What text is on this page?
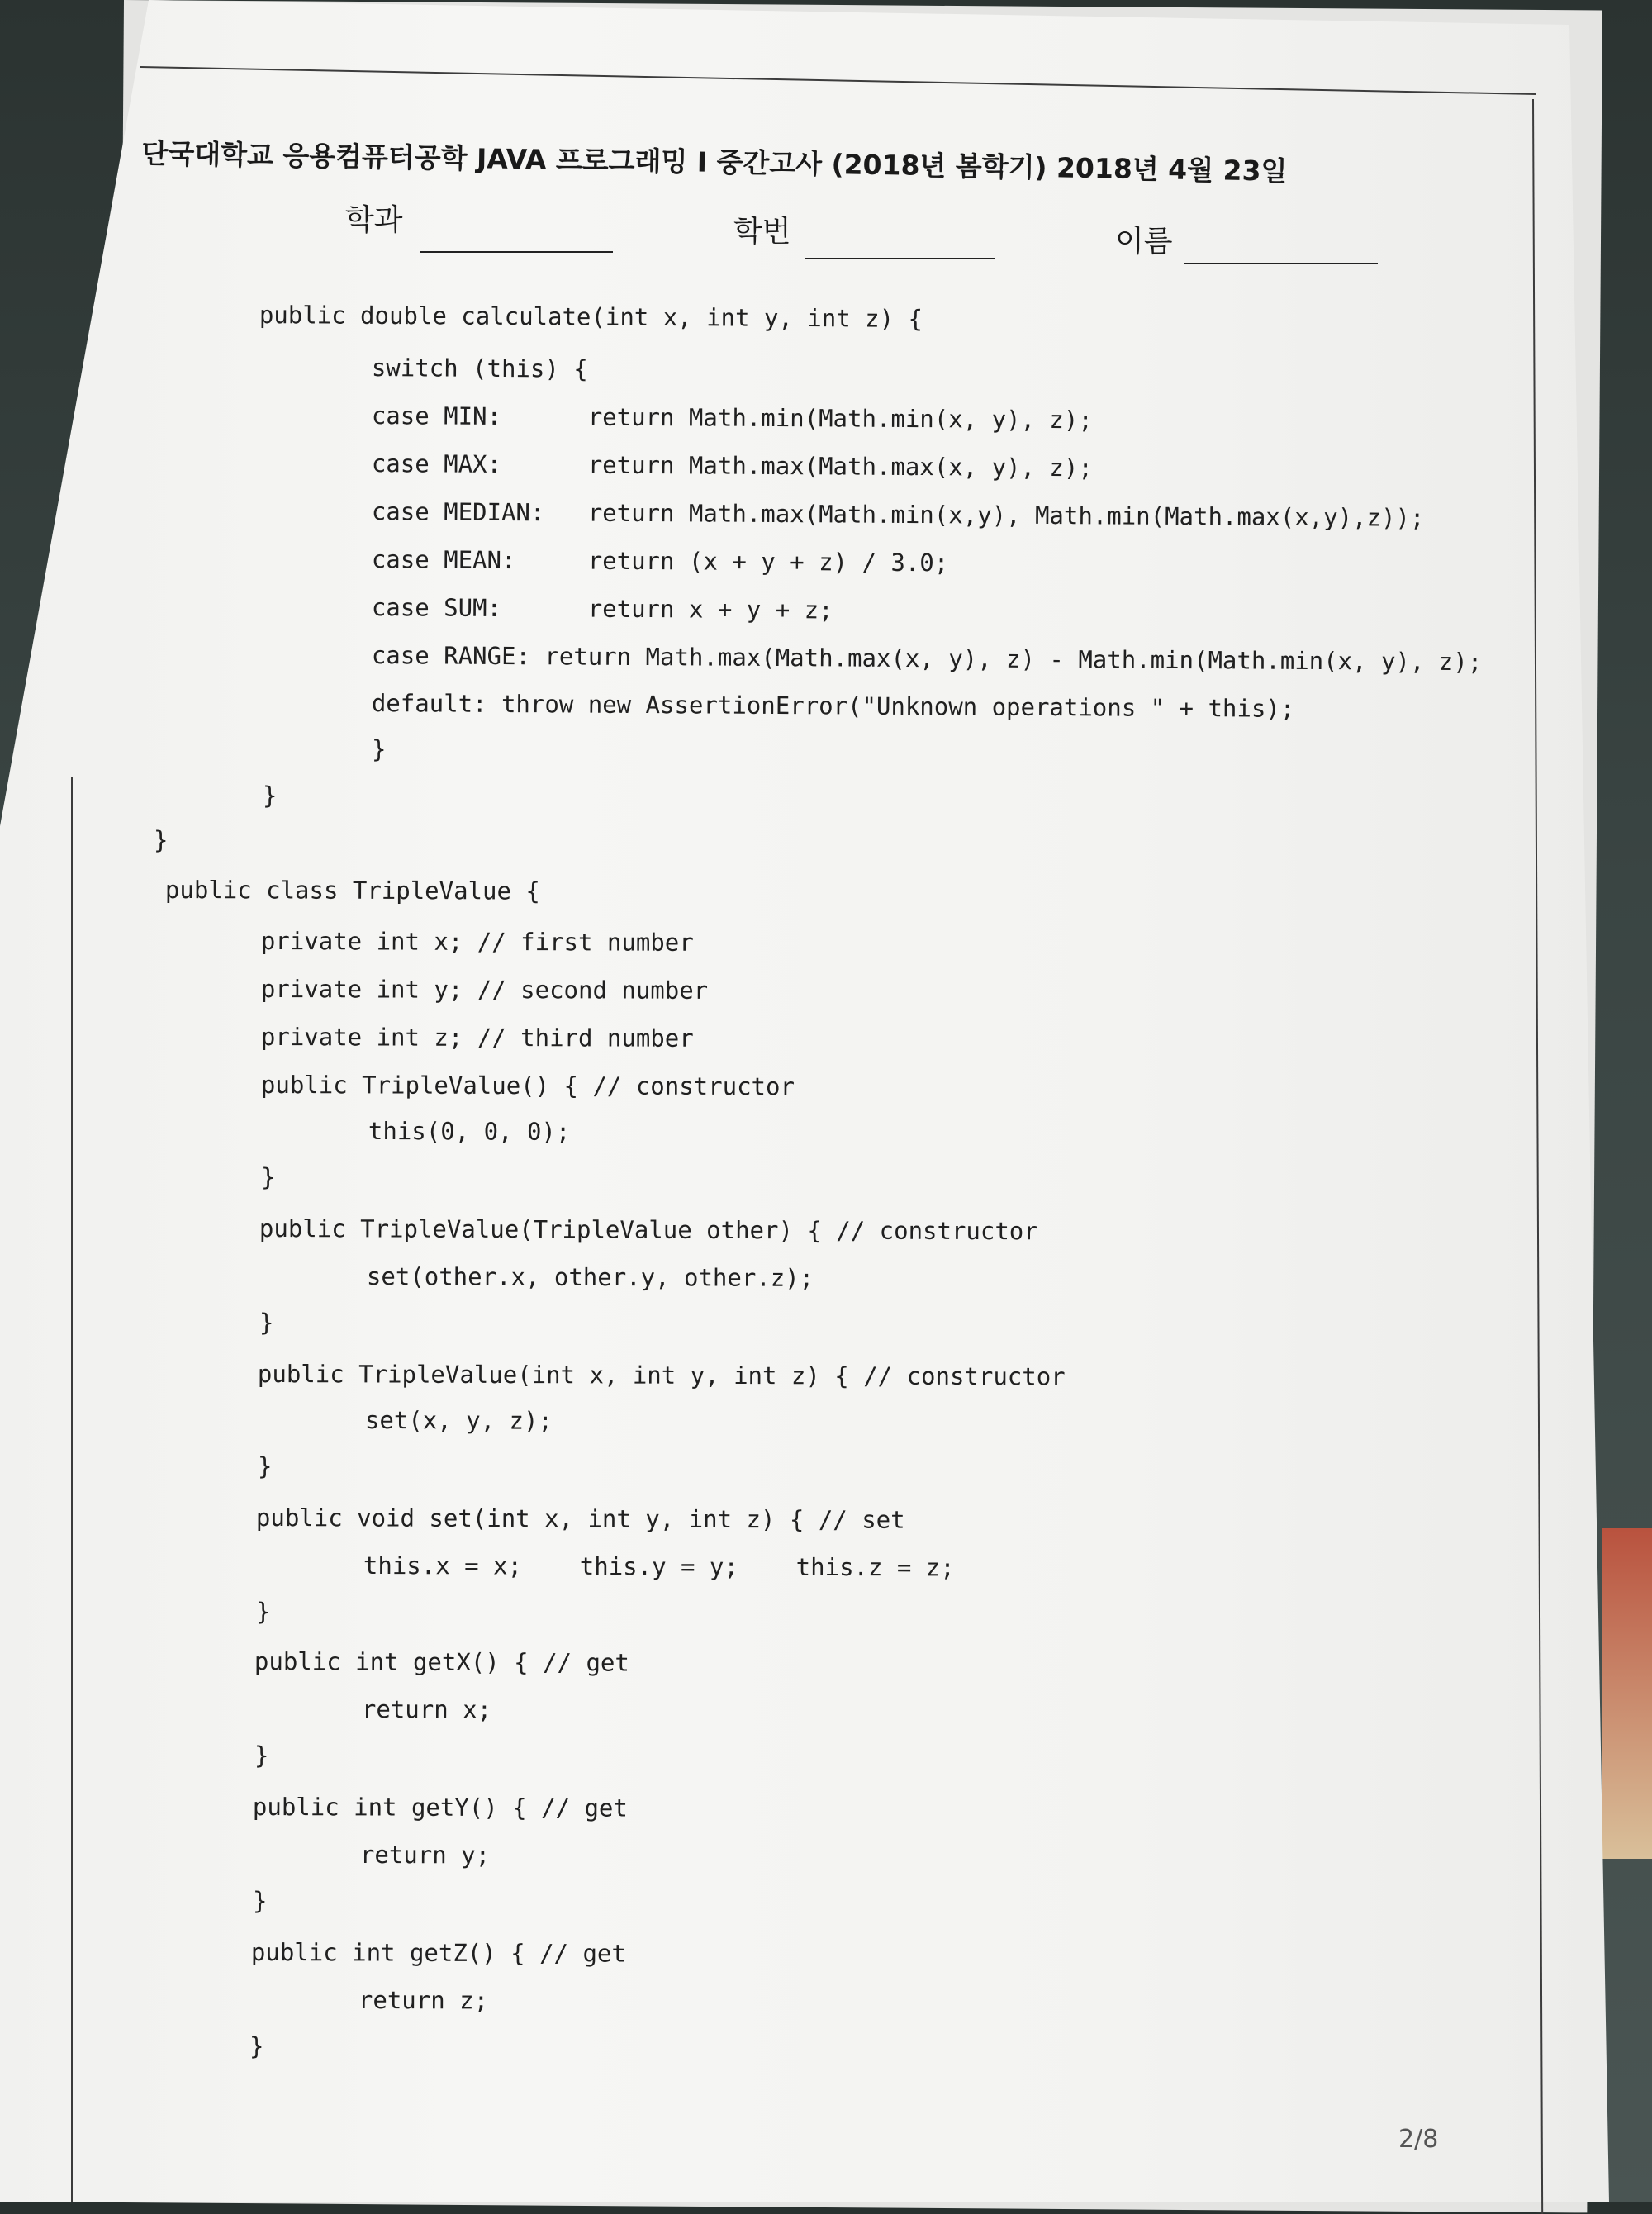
단국대학교 응용컴퓨터공학 JAVA 프로그래밍 I 중간고사 (2018년 봄학기) 2018년 4월 23일
학과	학번	이름
public double calculate(int x, int y, int z) {
switch (this) {
case MIN:      return Math.min(Math.min(x, y), z);
case MAX:      return Math.max(Math.max(x, y), z);
case MEDIAN:   return Math.max(Math.min(x,y), Math.min(Math.max(x,y),z));
case MEAN:     return (x + y + z) / 3.0;
case SUM:      return x + y + z;
case RANGE: return Math.max(Math.max(x, y), z) - Math.min(Math.min(x, y), z);
default: throw new AssertionError("Unknown operations " + this);
}
}
}
public class TripleValue {
private int x; // first number
private int y; // second number
private int z; // third number
public TripleValue() { // constructor
this(0, 0, 0);
}
public TripleValue(TripleValue other) { // constructor
set(other.x, other.y, other.z);
}
public TripleValue(int x, int y, int z) { // constructor
set(x, y, z);
}
public void set(int x, int y, int z) { // set
this.x = x;    this.y = y;    this.z = z;
}
public int getX() { // get
return x;
}
public int getY() { // get
return y;
}
public int getZ() { // get
return z;
}
2/8
